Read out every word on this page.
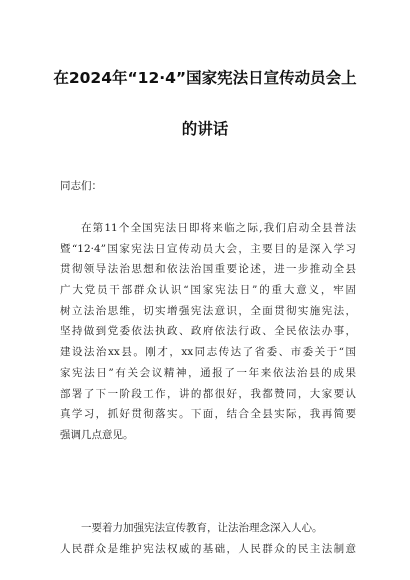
在2024年“12·4”国家宪法日宣传动员会上
的讲话
同志们：
在第11个全国宪法日即将来临之际,我们启动全县普法
暨“12·4”国家宪法日宣传动员大会，主要目的是深入学习
贯彻领导法治思想和依法治国重要论述，进一步推动全县
广大党员干部群众认识“国家宪法日”的重大意义，牢固
树立法治思维，切实增强宪法意识，全面贯彻实施宪法，
坚持做到党委依法执政、政府依法行政、全民依法办事，
建设法治xx县。刚才，xx同志传达了省委、市委关于“国
家宪法日”有关会议精神，通报了一年来依法治县的成果
部署了下一阶段工作，讲的都很好，我都赞同，大家要认
真学习，抓好贯彻落实。下面，结合全县实际，我再简要
强调几点意见。
一要着力加强宪法宣传教育，让法治理念深入人心。
人民群众是维护宪法权威的基础，人民群众的民主法制意
